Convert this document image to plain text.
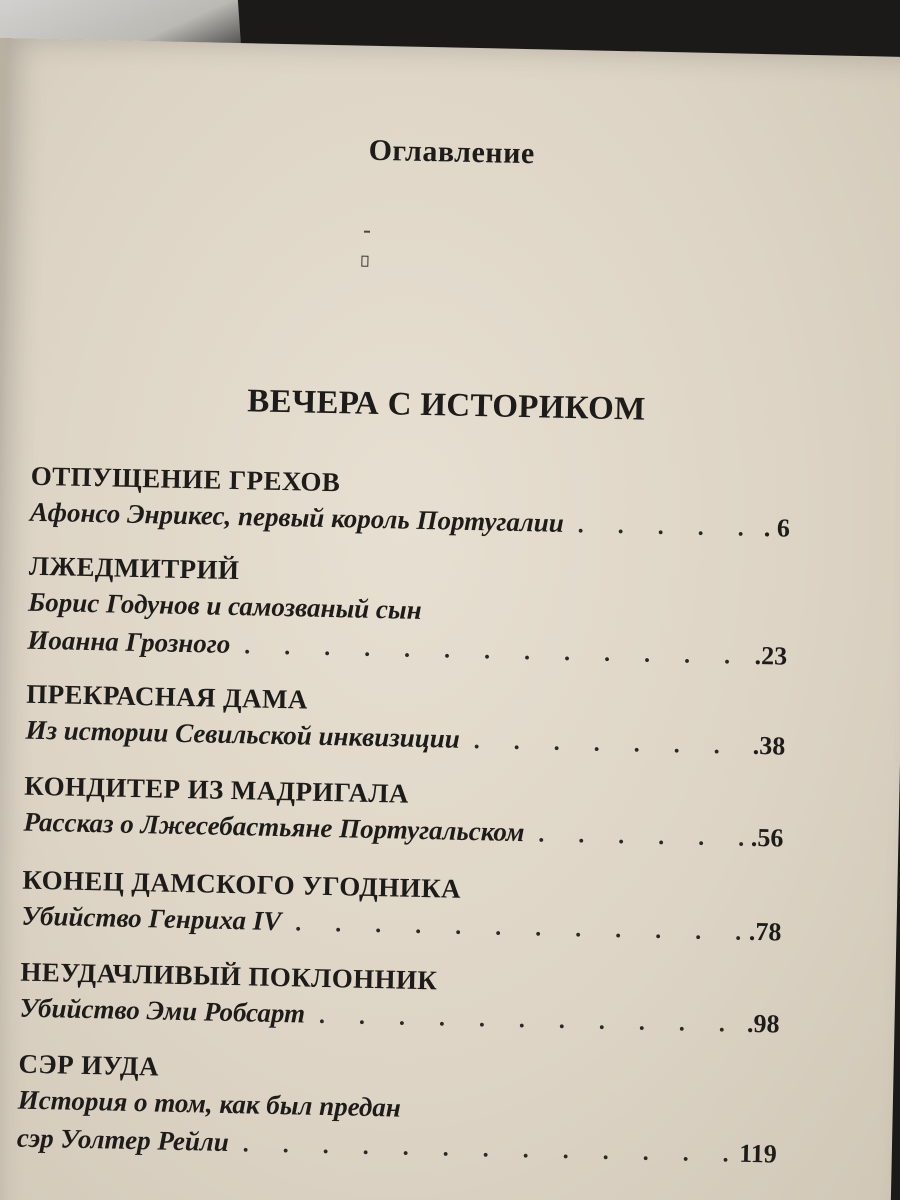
Оглавление
ВЕЧЕРА С ИСТОРИКОМ
ОТПУЩЕНИЕ ГРЕХОВ
Афонсо Энрикес, первый король Португалии . . .	. 6
ЛЖЕДМИТРИЙ
Борис Годунов и самозваный сын
Иоанна Грозного . . .	.23
ПРЕКРАСНАЯ ДАМА
Из истории Севильской инквизиции . . .	.38
КОНДИТЕР ИЗ МАДРИГАЛА
Рассказ о Лжесебастьяне Португальском . . .	.56
КОНЕЦ ДАМСКОГО УГОДНИКА
Убийство Генриха IV . . .	.78
НЕУДАЧЛИВЫЙ ПОКЛОННИК
Убийство Эми Робсарт . . .	.98
СЭР ИУДА
История о том, как был предан
сэр Уолтер Рейли . . .	119
